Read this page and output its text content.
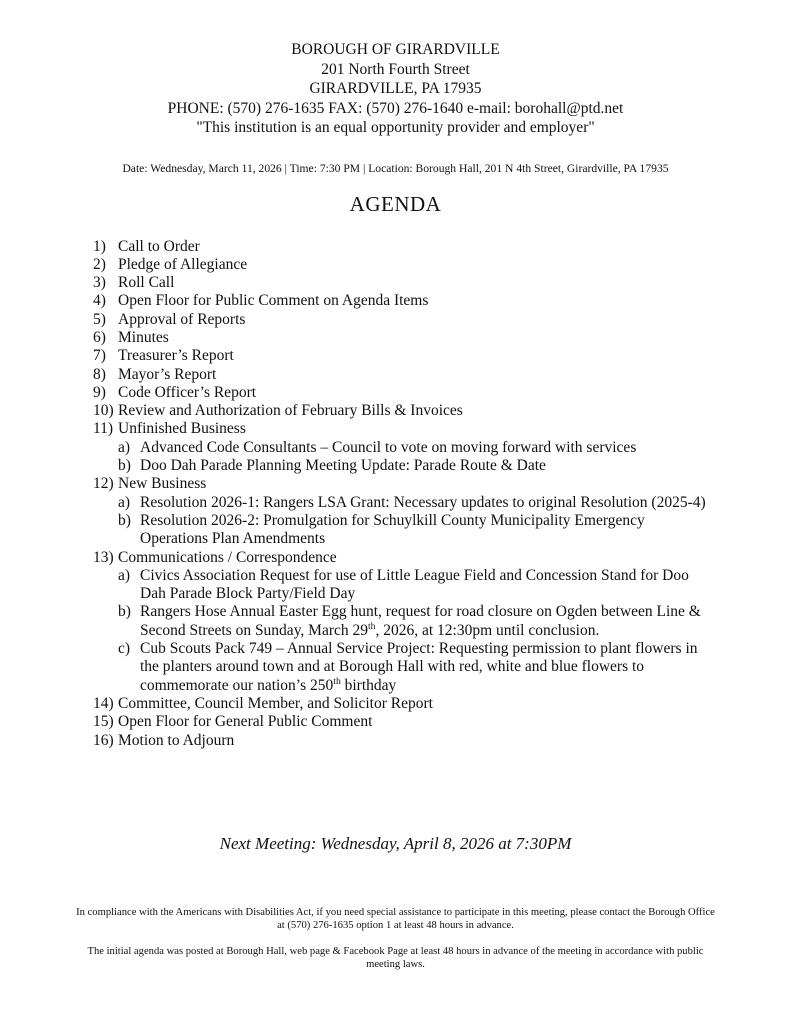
BOROUGH OF GIRARDVILLE
201 North Fourth Street
GIRARDVILLE, PA 17935
PHONE: (570) 276-1635 FAX: (570) 276-1640 e-mail: borohall@ptd.net
"This institution is an equal opportunity provider and employer"
Date: Wednesday, March 11, 2026 | Time: 7:30 PM | Location: Borough Hall, 201 N 4th Street, Girardville, PA 17935
AGENDA
1) Call to Order
2) Pledge of Allegiance
3) Roll Call
4) Open Floor for Public Comment on Agenda Items
5) Approval of Reports
6) Minutes
7) Treasurer’s Report
8) Mayor’s Report
9) Code Officer’s Report
10) Review and Authorization of February Bills & Invoices
11) Unfinished Business
a) Advanced Code Consultants – Council to vote on moving forward with services
b) Doo Dah Parade Planning Meeting Update: Parade Route & Date
12) New Business
a) Resolution 2026-1: Rangers LSA Grant: Necessary updates to original Resolution (2025-4)
b) Resolution 2026-2: Promulgation for Schuylkill County Municipality Emergency Operations Plan Amendments
13) Communications / Correspondence
a) Civics Association Request for use of Little League Field and Concession Stand for Doo Dah Parade Block Party/Field Day
b) Rangers Hose Annual Easter Egg hunt, request for road closure on Ogden between Line & Second Streets on Sunday, March 29th, 2026, at 12:30pm until conclusion.
c) Cub Scouts Pack 749 – Annual Service Project: Requesting permission to plant flowers in the planters around town and at Borough Hall with red, white and blue flowers to commemorate our nation’s 250th birthday
14) Committee, Council Member, and Solicitor Report
15) Open Floor for General Public Comment
16) Motion to Adjourn
Next Meeting: Wednesday, April 8, 2026 at 7:30PM

In compliance with the Americans with Disabilities Act, if you need special assistance to participate in this meeting, please contact the Borough Office at (570) 276-1635 option 1 at least 48 hours in advance.

The initial agenda was posted at Borough Hall, web page & Facebook Page at least 48 hours in advance of the meeting in accordance with public meeting laws.
